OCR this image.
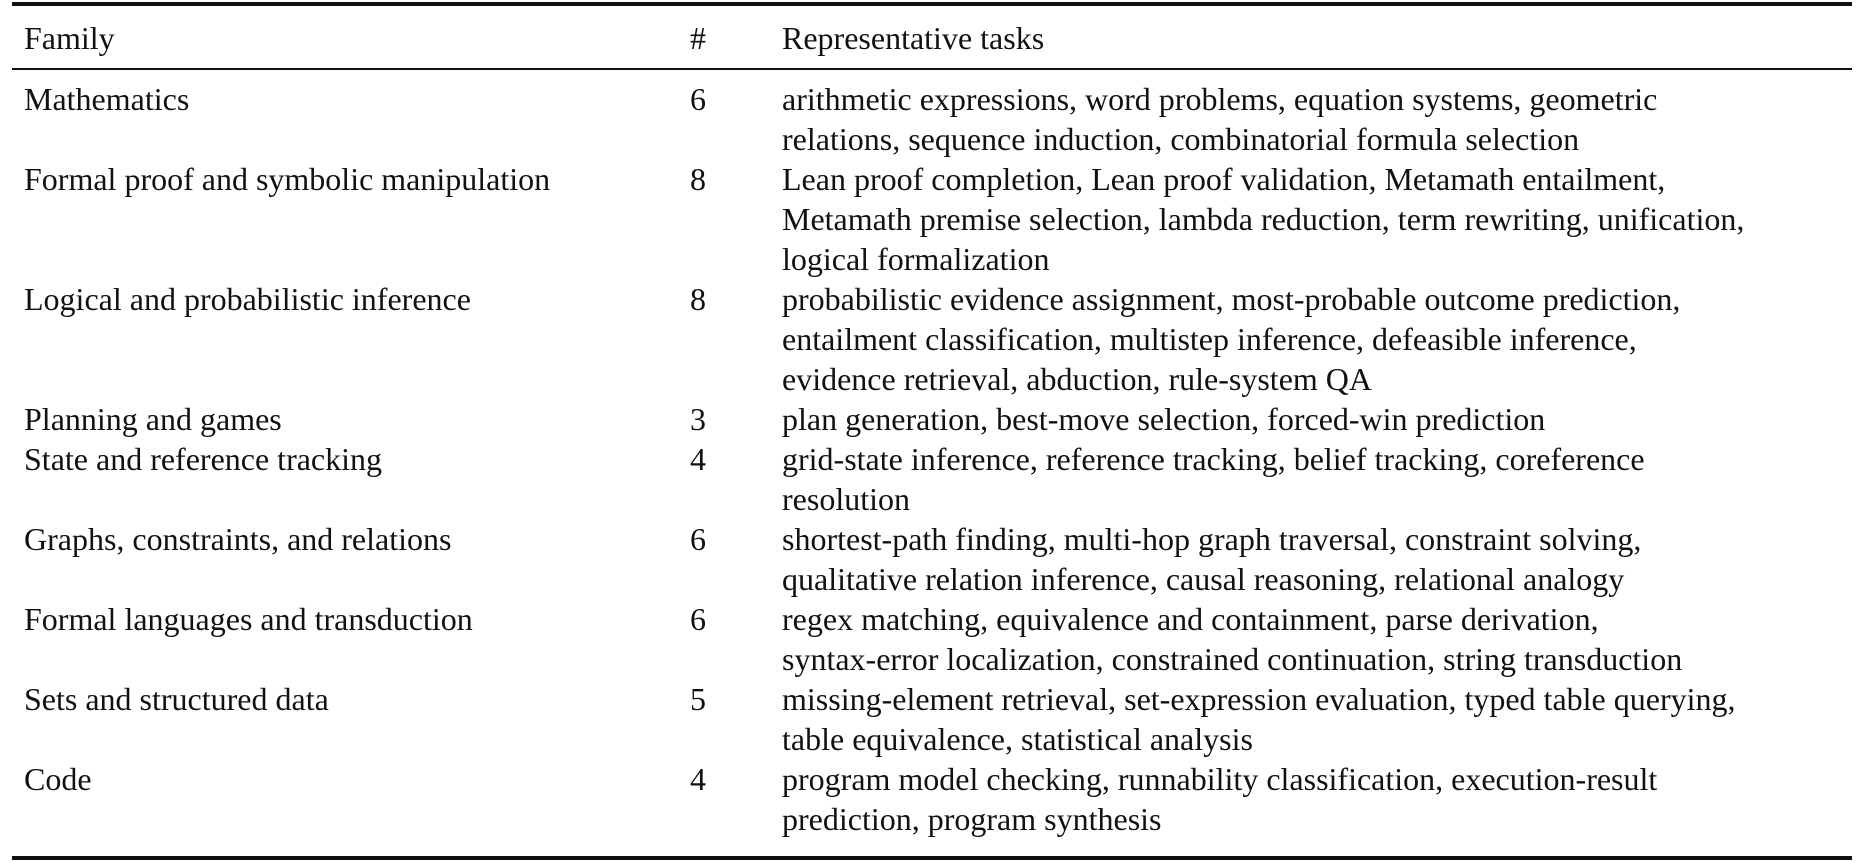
Family	#	Representative tasks
Mathematics	6	arithmetic expressions, word problems, equation systems, geometric
relations, sequence induction, combinatorial formula selection
Formal proof and symbolic manipulation	8	Lean proof completion, Lean proof validation, Metamath entailment,
Metamath premise selection, lambda reduction, term rewriting, unification,
logical formalization
Logical and probabilistic inference	8	probabilistic evidence assignment, most-probable outcome prediction,
entailment classification, multistep inference, defeasible inference,
evidence retrieval, abduction, rule-system QA
Planning and games	3	plan generation, best-move selection, forced-win prediction
State and reference tracking	4	grid-state inference, reference tracking, belief tracking, coreference
resolution
Graphs, constraints, and relations	6	shortest-path finding, multi-hop graph traversal, constraint solving,
qualitative relation inference, causal reasoning, relational analogy
Formal languages and transduction	6	regex matching, equivalence and containment, parse derivation,
syntax-error localization, constrained continuation, string transduction
Sets and structured data	5	missing-element retrieval, set-expression evaluation, typed table querying,
table equivalence, statistical analysis
Code	4	program model checking, runnability classification, execution-result
prediction, program synthesis
